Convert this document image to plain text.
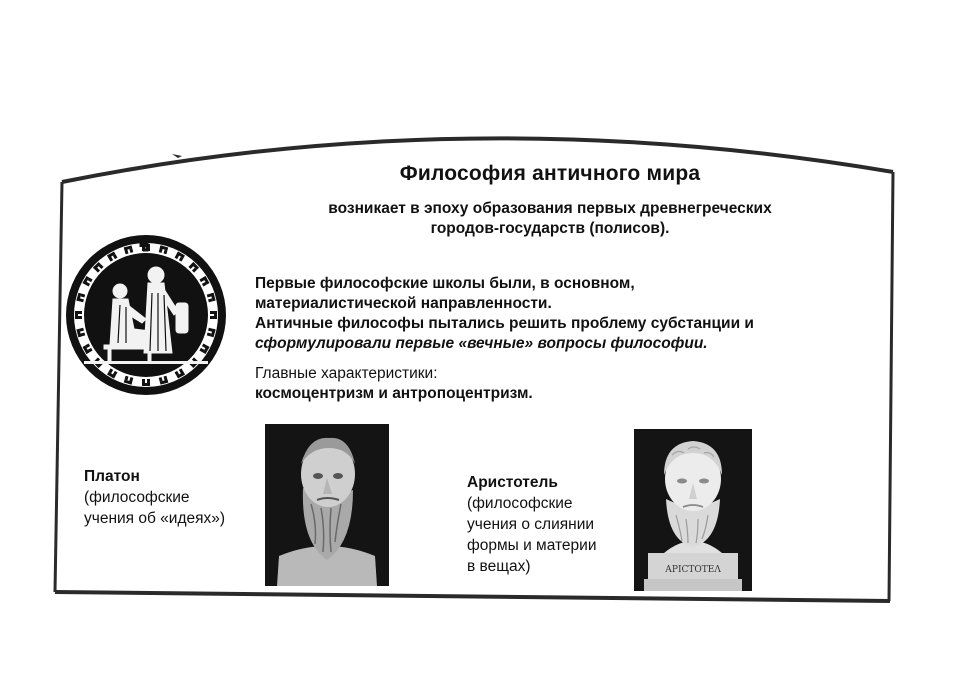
Философия античного мира
возникает в эпоху образования первых древнегреческих
городов-государств (полисов).
Первые философские школы были, в основном,
материалистической направленности.
Античные философы пытались решить проблему субстанции и
сформулировали первые «вечные» вопросы философии.
Главные характеристики:
космоцентризм и антропоцентризм.
АРІСТОТЕΛ
Платон
(философские
учения об «идеях»)
Аристотель
(философские
учения о слиянии
формы и материи
в вещах)
